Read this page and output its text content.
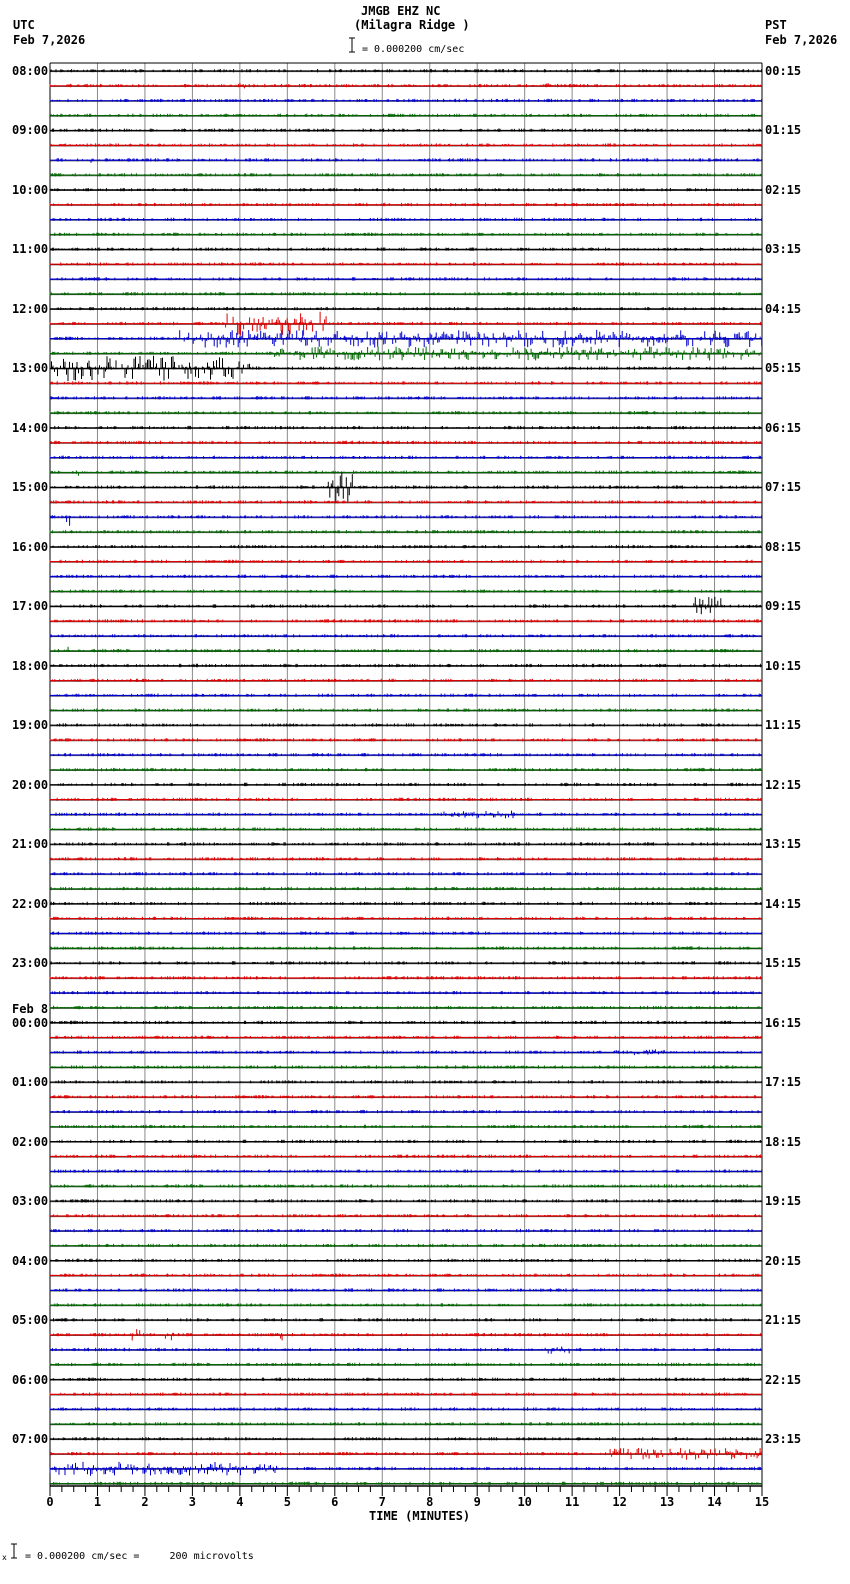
JMGB EHZ NC
(Milagra Ridge )
= 0.000200 cm/sec
UTC
Feb 7,2026
PST
Feb 7,2026
0	1	2	3	4	5	6	7	8	9	10	11	12	13	14	15
08:00
09:00
10:00
11:00
12:00
13:00
14:00
15:00
16:00
17:00
18:00
19:00
20:00
21:00
22:00
23:00
00:00
Feb 8
01:00
02:00
03:00
04:00
05:00
06:00
07:00
00:15
01:15
02:15
03:15
04:15
05:15
06:15
07:15
08:15
09:15
10:15
11:15
12:15
13:15
14:15
15:15
16:15
17:15
18:15
19:15
20:15
21:15
22:15
23:15
TIME (MINUTES)
x = 0.000200 cm/sec =     200 microvolts
